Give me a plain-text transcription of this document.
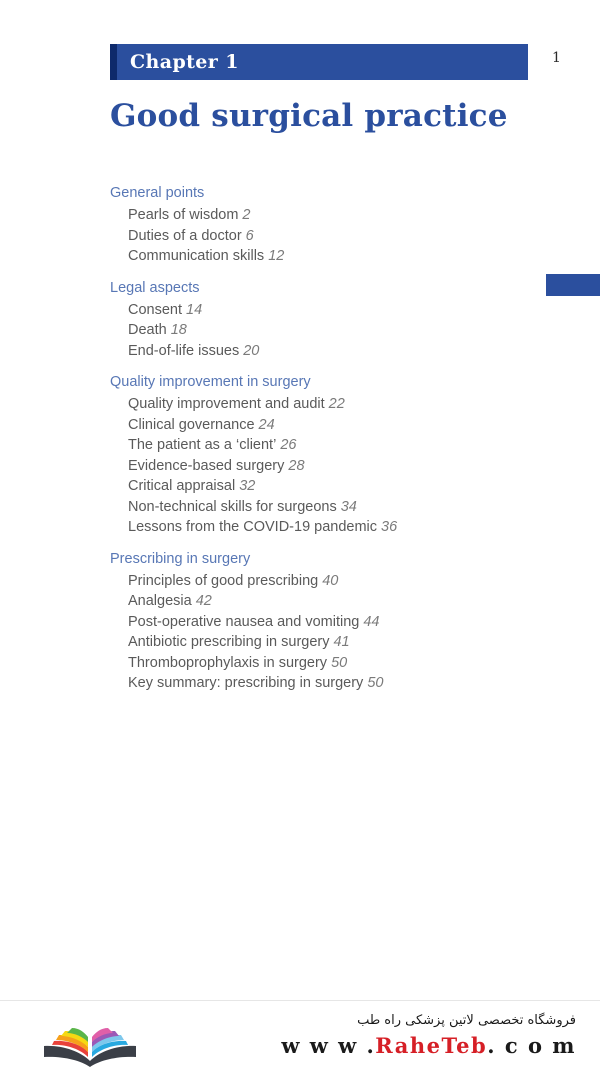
Chapter 1	1
Good surgical practice
General points
Pearls of wisdom 2
Duties of a doctor 6
Communication skills 12
Legal aspects
Consent 14
Death 18
End-of-life issues 20
Quality improvement in surgery
Quality improvement and audit 22
Clinical governance 24
The patient as a ‘client’ 26
Evidence-based surgery 28
Critical appraisal 32
Non-technical skills for surgeons 34
Lessons from the COVID-19 pandemic 36
Prescribing in surgery
Principles of good prescribing 40
Analgesia 42
Post-operative nausea and vomiting 44
Antibiotic prescribing in surgery 41
Thromboprophylaxis in surgery 50
Key summary: prescribing in surgery 50
فروشگاه تخصصی لاتین پزشکی راه طب
w w w .RaheTeb. c o m
